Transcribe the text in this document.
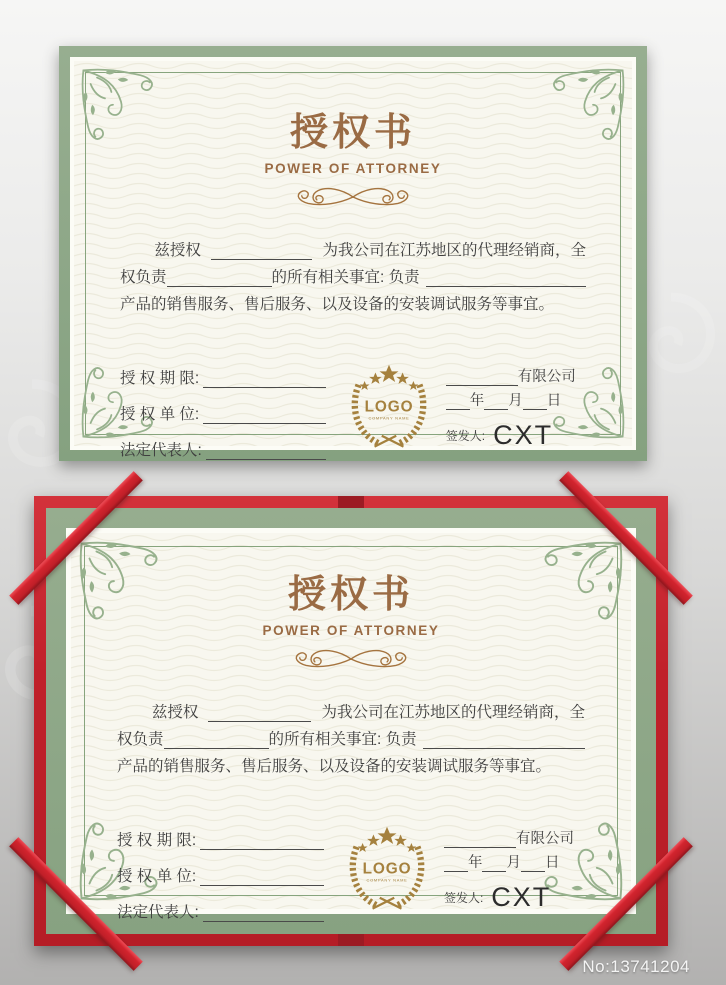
授权书
POWER OF ATTORNEY
兹授权	为我公司在江苏地区的代理经销商，全
权负责	的所有相关事宜: 负责
产品的销售服务、售后服务、以及设备的安装调试服务等事宜。
授 权 期 限:
授 权 单 位:
法定代表人:
LOGO
COMPANY NAME
有限公司
年 月 日
签发人: CXT
授权书
POWER OF ATTORNEY
兹授权	为我公司在江苏地区的代理经销商，全
权负责	的所有相关事宜: 负责
产品的销售服务、售后服务、以及设备的安装调试服务等事宜。
授 权 期 限:
授 权 单 位:
法定代表人:
LOGO
COMPANY NAME
有限公司
年 月 日
签发人: CXT
No:13741204
